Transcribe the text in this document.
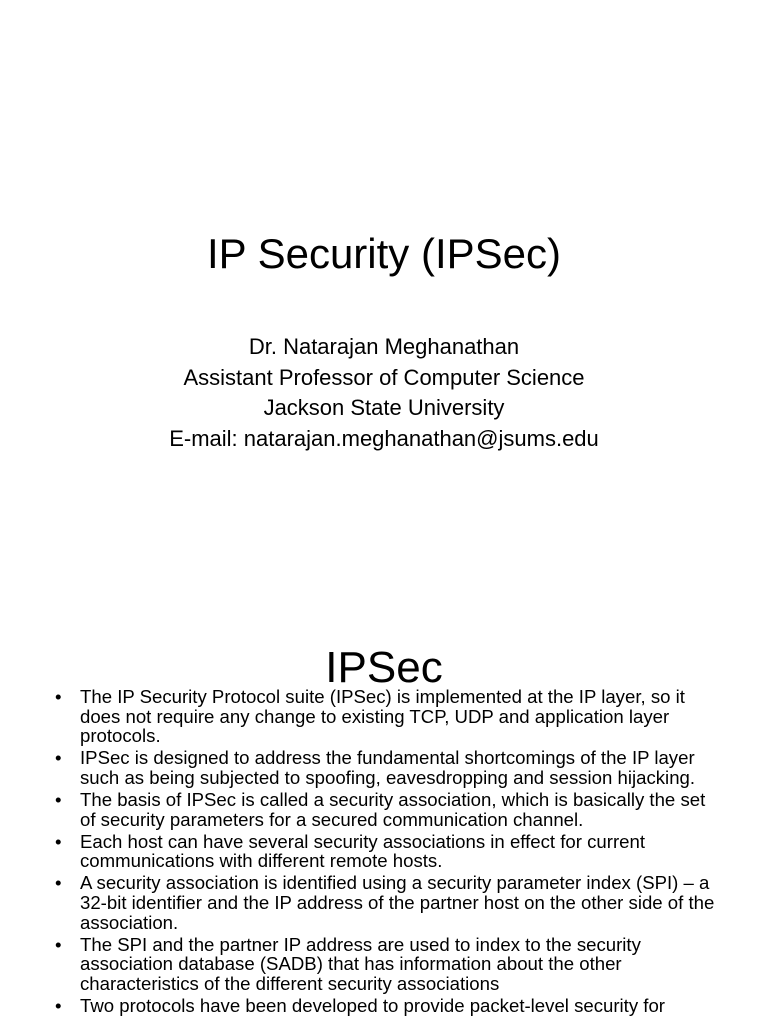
IP Security (IPSec)
Dr. Natarajan Meghanathan
Assistant Professor of Computer Science
Jackson State University
E-mail: natarajan.meghanathan@jsums.edu
IPSec
• The IP Security Protocol suite (IPSec) is implemented at the IP layer, so it does not require any change to existing TCP, UDP and application layer protocols.
• IPSec is designed to address the fundamental shortcomings of the IP layer such as being subjected to spoofing, eavesdropping and session hijacking.
• The basis of IPSec is called a security association, which is basically the set of security parameters for a secured communication channel.
• Each host can have several security associations in effect for current communications with different remote hosts.
• A security association is identified using a security parameter index (SPI) – a 32-bit identifier and the IP address of the partner host on the other side of the association.
• The SPI and the partner IP address are used to index to the security association database (SADB) that has information about the other characteristics of the different security associations
• Two protocols have been developed to provide packet-level security for
